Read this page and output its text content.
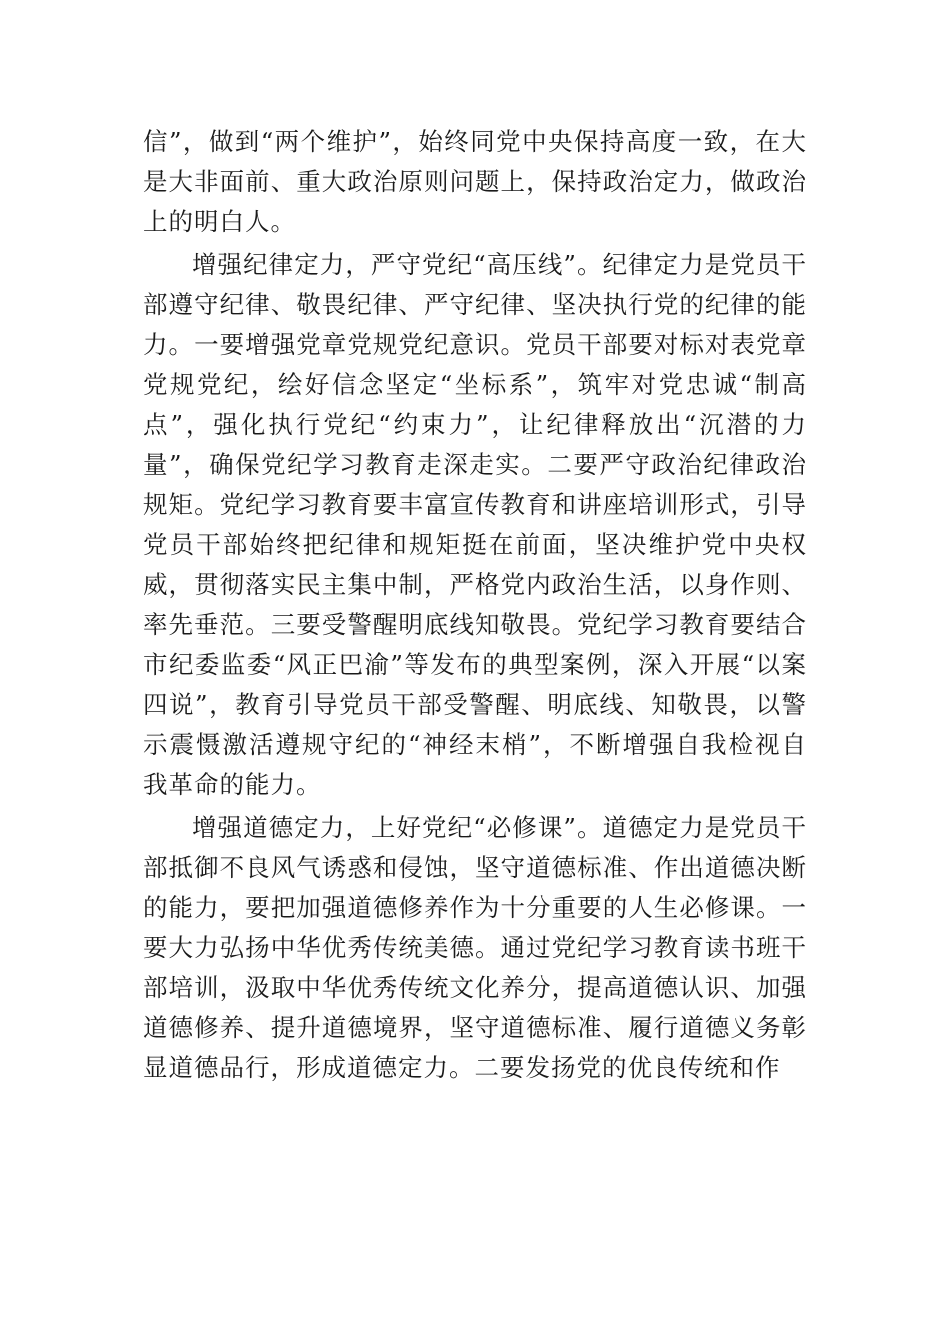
信”，做到“两个维护”，始终同党中央保持高度一致，在大是大非面前、重大政治原则问题上，保持政治定力，做政治上的明白人。

增强纪律定力，严守党纪“高压线”。纪律定力是党员干部遵守纪律、敬畏纪律、严守纪律、坚决执行党的纪律的能力。一要增强党章党规党纪意识。党员干部要对标对表党章党规党纪，绘好信念坚定“坐标系”，筑牢对党忠诚“制高点”，强化执行党纪“约束力”，让纪律释放出“沉潜的力量”，确保党纪学习教育走深走实。二要严守政治纪律政治规矩。党纪学习教育要丰富宣传教育和讲座培训形式，引导党员干部始终把纪律和规矩挺在前面，坚决维护党中央权威，贯彻落实民主集中制，严格党内政治生活，以身作则、率先垂范。三要受警醒明底线知敬畏。党纪学习教育要结合市纪委监委“风正巴渝”等发布的典型案例，深入开展“以案四说”，教育引导党员干部受警醒、明底线、知敬畏，以警示震慑激活遵规守纪的“神经末梢”，不断增强自我检视自我革命的能力。

增强道德定力，上好党纪“必修课”。道德定力是党员干部抵御不良风气诱惑和侵蚀，坚守道德标准、作出道德决断的能力，要把加强道德修养作为十分重要的人生必修课。一要大力弘扬中华优秀传统美德。通过党纪学习教育读书班干部培训，汲取中华优秀传统文化养分，提高道德认识、加强道德修养、提升道德境界，坚守道德标准、履行道德义务彰显道德品行，形成道德定力。二要发扬党的优良传统和作
